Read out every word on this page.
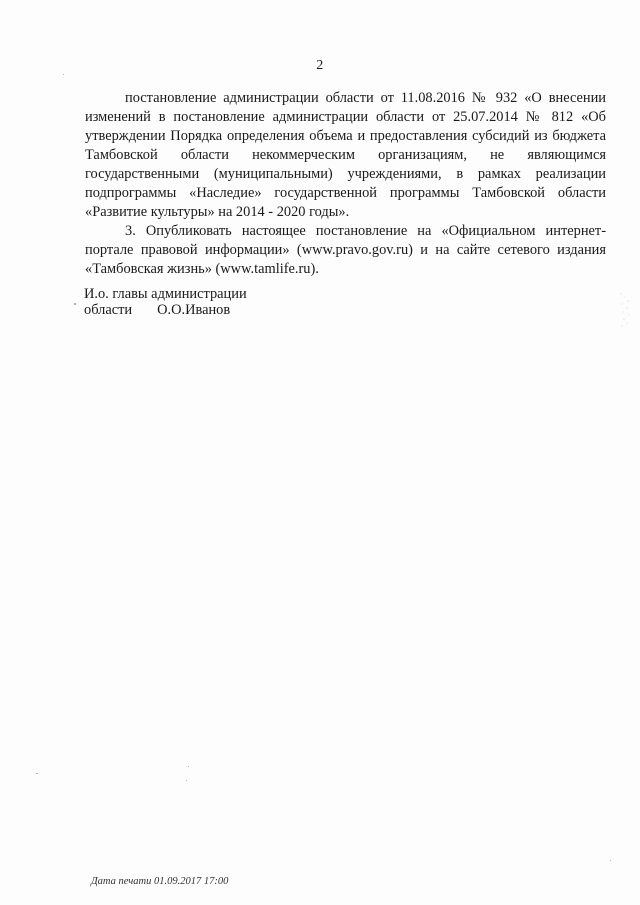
2

постановление администрации области от 11.08.2016 № 932 «О внесении изменений в постановление администрации области от 25.07.2014 № 812 «Об утверждении Порядка определения объема и предоставления субсидий из бюджета Тамбовской области некоммерческим организациям, не являющимся государственными (муниципальными) учреждениями, в рамках реализации подпрограммы «Наследие» государственной программы Тамбовской области «Развитие культуры» на 2014 - 2020 годы».

3. Опубликовать настоящее постановление на «Официальном интернет-портале правовой информации» (www.pravo.gov.ru) и на сайте сетевого издания «Тамбовская жизнь» (www.tamlife.ru).

И.о. главы администрации
области О.О.Иванов
Дата печати 01.09.2017 17:00
